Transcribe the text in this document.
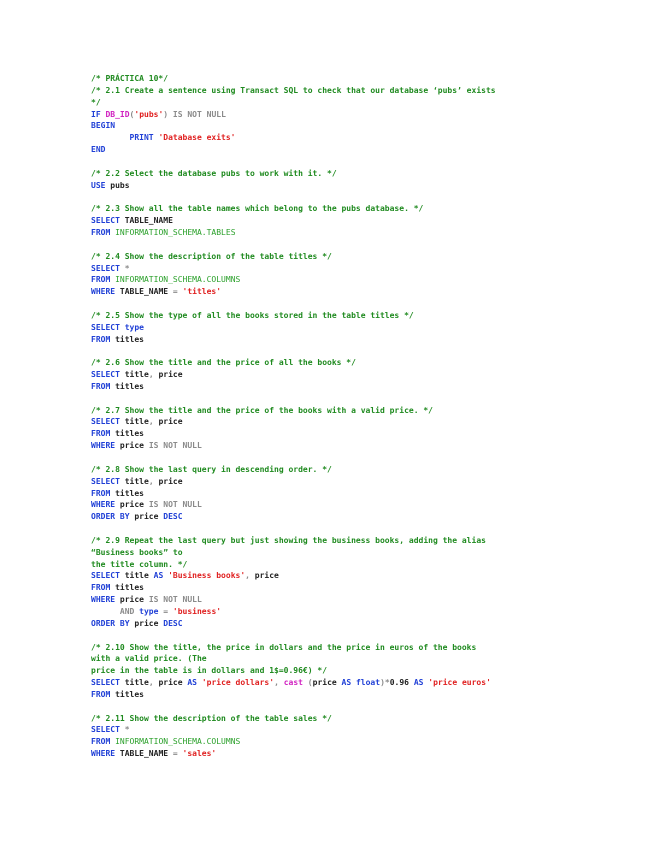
/* PRÁCTICA 10*/
/* 2.1 Create a sentence using Transact SQL to check that our database ‘pubs’ exists
*/
IF DB_ID('pubs') IS NOT NULL
BEGIN
PRINT 'Database exits'
END

/* 2.2 Select the database pubs to work with it. */
USE pubs

/* 2.3 Show all the table names which belong to the pubs database. */
SELECT TABLE_NAME
FROM INFORMATION_SCHEMA.TABLES

/* 2.4 Show the description of the table titles */
SELECT *
FROM INFORMATION_SCHEMA.COLUMNS
WHERE TABLE_NAME = 'titles'

/* 2.5 Show the type of all the books stored in the table titles */
SELECT type
FROM titles

/* 2.6 Show the title and the price of all the books */
SELECT title, price
FROM titles

/* 2.7 Show the title and the price of the books with a valid price. */
SELECT title, price
FROM titles
WHERE price IS NOT NULL

/* 2.8 Show the last query in descending order. */
SELECT title, price
FROM titles
WHERE price IS NOT NULL
ORDER BY price DESC

/* 2.9 Repeat the last query but just showing the business books, adding the alias
“Business books” to
the title column. */
SELECT title AS 'Business books', price
FROM titles
WHERE price IS NOT NULL
AND type = 'business'
ORDER BY price DESC

/* 2.10 Show the title, the price in dollars and the price in euros of the books
with a valid price. (The
price in the table is in dollars and 1$=0.96€) */
SELECT title, price AS 'price dollars', cast (price AS float)*0.96 AS 'price euros'
FROM titles

/* 2.11 Show the description of the table sales */
SELECT *
FROM INFORMATION_SCHEMA.COLUMNS
WHERE TABLE_NAME = 'sales'
